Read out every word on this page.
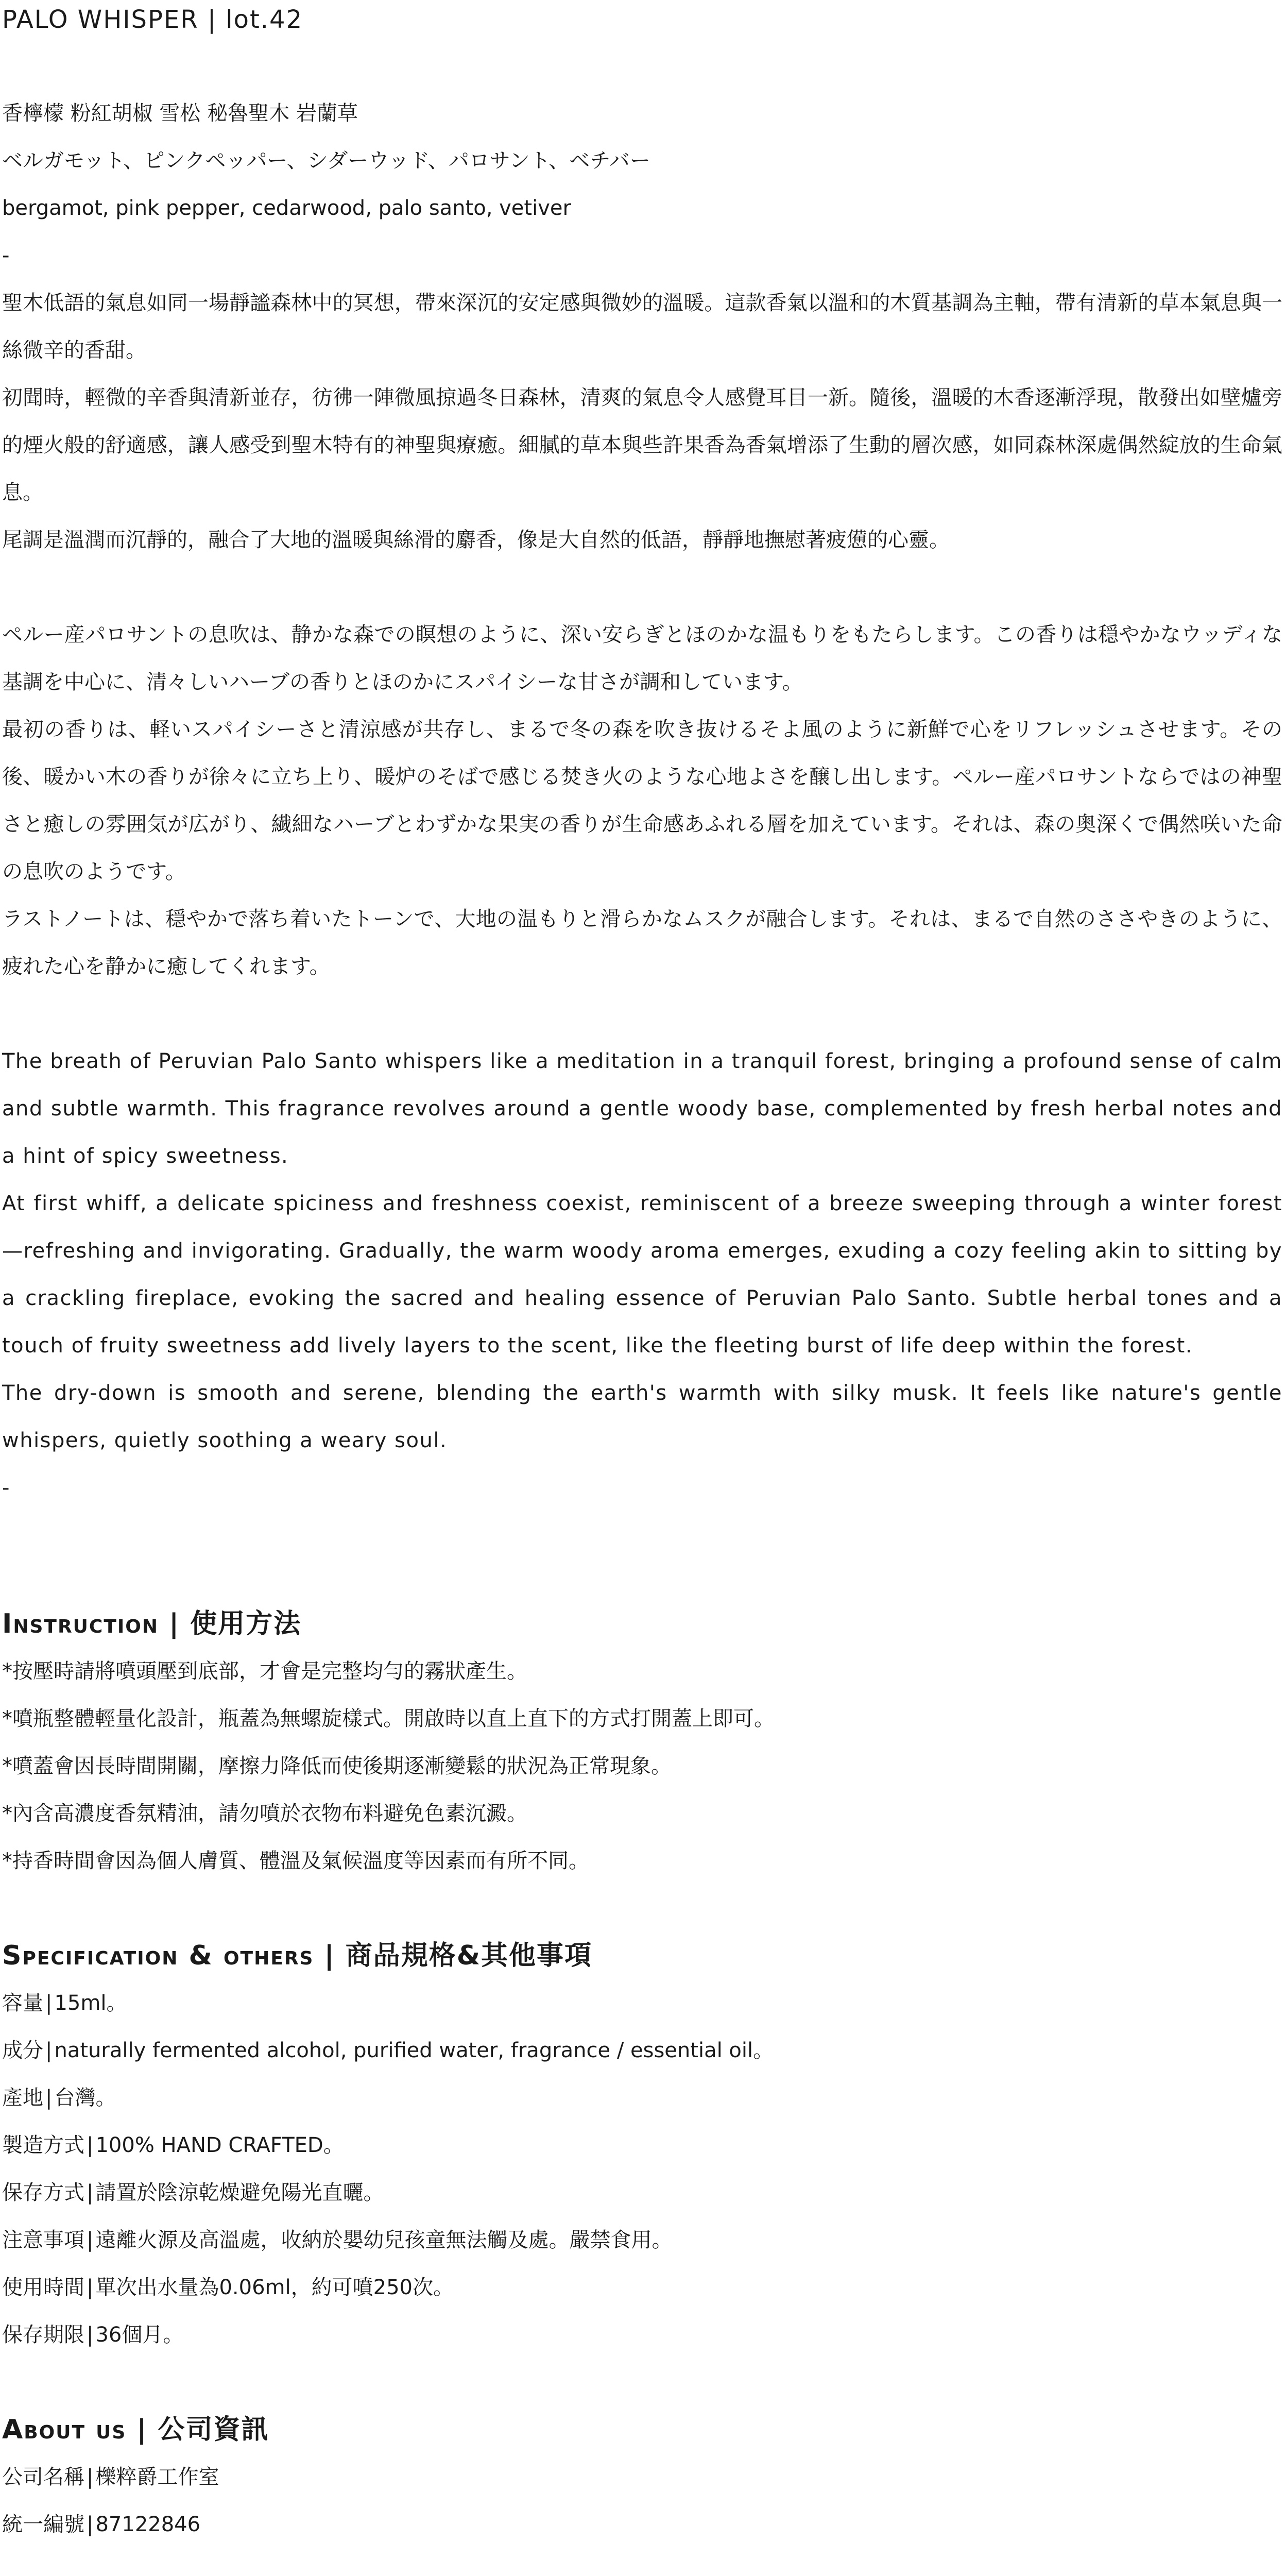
PALO WHISPER | lot.42

香檸檬 粉紅胡椒 雪松 秘魯聖木 岩蘭草

ベルガモット、ピンクペッパー、シダーウッド、パロサント、ベチバー

bergamot, pink pepper, cedarwood, palo santo, vetiver

-

聖木低語的氣息如同一場靜謐森林中的冥想，帶來深沉的安定感與微妙的溫暖。這款香氣以溫和的木質基調為主軸，帶有清新的草本氣息與一絲微辛的香甜。

初聞時，輕微的辛香與清新並存，彷彿一陣微風掠過冬日森林，清爽的氣息令人感覺耳目一新。隨後，溫暖的木香逐漸浮現，散發出如壁爐旁的煙火般的舒適感，讓人感受到聖木特有的神聖與療癒。細膩的草本與些許果香為香氣增添了生動的層次感，如同森林深處偶然綻放的生命氣息。

尾調是溫潤而沉靜的，融合了大地的溫暖與絲滑的麝香，像是大自然的低語，靜靜地撫慰著疲憊的心靈。

ペルー産パロサントの息吹は、静かな森での瞑想のように、深い安らぎとほのかな温もりをもたらします。この香りは穏やかなウッディな基調を中心に、清々しいハーブの香りとほのかにスパイシーな甘さが調和しています。

最初の香りは、軽いスパイシーさと清涼感が共存し、まるで冬の森を吹き抜けるそよ風のように新鮮で心をリフレッシュさせます。その後、暖かい木の香りが徐々に立ち上り、暖炉のそばで感じる焚き火のような心地よさを醸し出します。ペルー産パロサントならではの神聖さと癒しの雰囲気が広がり、繊細なハーブとわずかな果実の香りが生命感あふれる層を加えています。それは、森の奥深くで偶然咲いた命の息吹のようです。

ラストノートは、穏やかで落ち着いたトーンで、大地の温もりと滑らかなムスクが融合します。それは、まるで自然のささやきのように、疲れた心を静かに癒してくれます。

The breath of Peruvian Palo Santo whispers like a meditation in a tranquil forest, bringing a profound sense of calm and subtle warmth. This fragrance revolves around a gentle woody base, complemented by fresh herbal notes and a hint of spicy sweetness.

At first whiff, a delicate spiciness and freshness coexist, reminiscent of a breeze sweeping through a winter forest—refreshing and invigorating. Gradually, the warm woody aroma emerges, exuding a cozy feeling akin to sitting by a crackling fireplace, evoking the sacred and healing essence of Peruvian Palo Santo. Subtle herbal tones and a touch of fruity sweetness add lively layers to the scent, like the fleeting burst of life deep within the forest.

The dry-down is smooth and serene, blending the earth's warmth with silky musk. It feels like nature's gentle whispers, quietly soothing a weary soul.

-

Instruction | 使用方法

*按壓時請將噴頭壓到底部，才會是完整均勻的霧狀產生。

*噴瓶整體輕量化設計，瓶蓋為無螺旋樣式。開啟時以直上直下的方式打開蓋上即可。

*噴蓋會因長時間開關，摩擦力降低而使後期逐漸變鬆的狀況為正常現象。

*內含高濃度香氛精油，請勿噴於衣物布料避免色素沉澱。

*持香時間會因為個人膚質、體溫及氣候溫度等因素而有所不同。

Specification & others | 商品規格&其他事項

容量 | 15ml。

成分 | naturally fermented alcohol, purified water, fragrance / essential oil。

產地 | 台灣。

製造方式 | 100% HAND CRAFTED。

保存方式 | 請置於陰涼乾燥避免陽光直曬。

注意事項 | 遠離火源及高溫處，收納於嬰幼兒孩童無法觸及處。嚴禁食用。

使用時間 | 單次出水量為0.06ml，約可噴250次。

保存期限 | 36個月。

About us | 公司資訊

公司名稱 | 櫟粹爵工作室

統一編號 | 87122846
